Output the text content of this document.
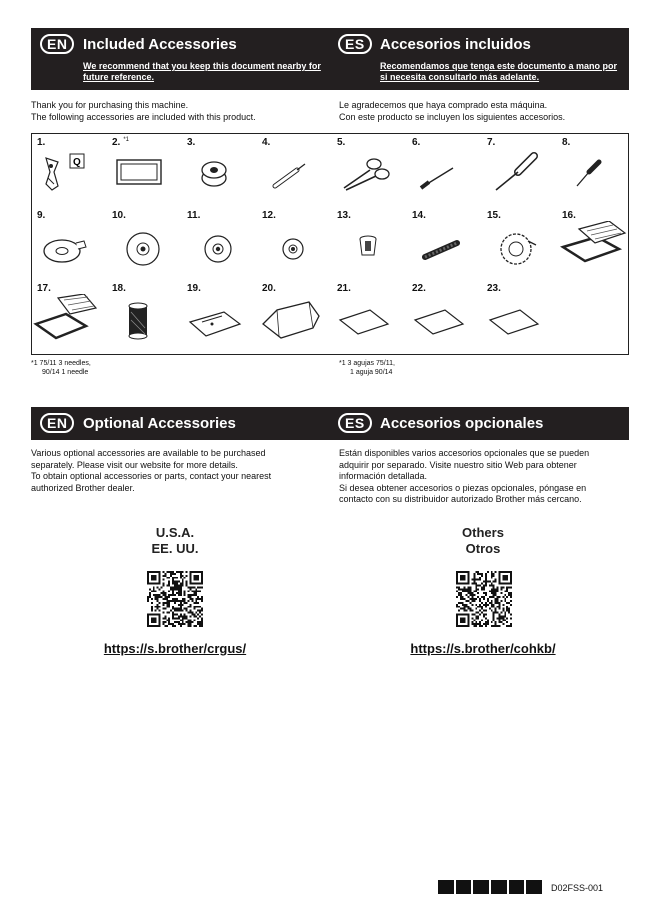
EN	Included Accessories
We recommend that you keep this document nearby for future reference.
ES	Accesorios incluidos
Recomendamos que tenga este documento a mano por si necesita consultarlo más adelante.
Thank you for purchasing this machine.
The following accessories are included with this product.
Le agradecemos que haya comprado esta máquina.
Con este producto se incluyen los siguientes accesorios.
1.
Q
2. $^{*1}$	3.	4.	5.	6.	7.	8.
9.	10.	11.	12.	13.	14.	15.	16.
17.	18.	19.	20.	21.	22.	23.
*1 75/11 3 needles,
90/14 1 needle
*1 3 agujas 75/11,
1 aguja 90/14
EN	Optional Accessories	ES	Accesorios opcionales
Various optional accessories are available to be purchased
separately. Please visit our website for more details.
To obtain optional accessories or parts, contact your nearest
authorized Brother dealer.
Están disponibles varios accesorios opcionales que se pueden
adquirir por separado. Visite nuestro sitio Web para obtener
información detallada.
Si desea obtener accesorios o piezas opcionales, póngase en
contacto con su distribuidor autorizado Brother más cercano.
U.S.A.
EE. UU.
https://s.brother/crgus/
Others
Otros
https://s.brother/cohkb/
D02FSS-001
